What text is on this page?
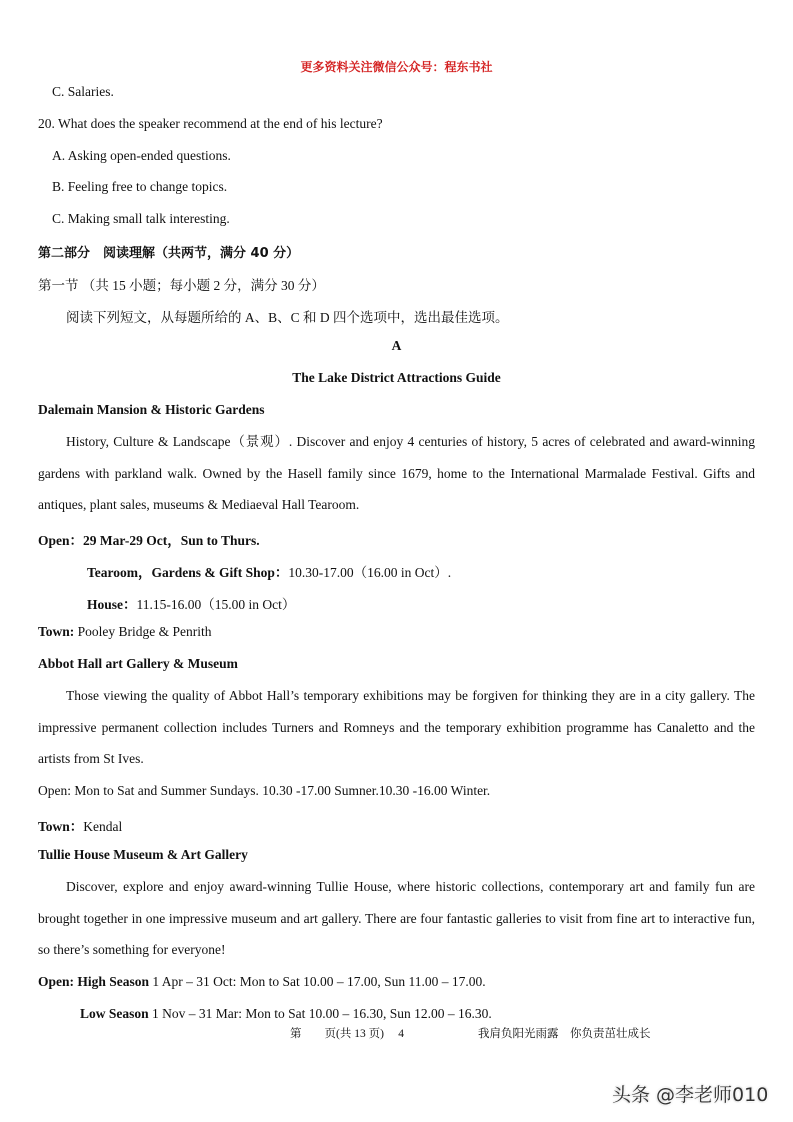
更多资料关注微信公众号：程东书社
C. Salaries.
20. What does the speaker recommend at the end of his lecture?
A. Asking open-ended questions.
B. Feeling free to change topics.
C. Making small talk interesting.
第二部分　阅读理解（共两节，满分 40 分）
第一节 （共 15 小题；每小题 2 分，满分 30 分）
阅读下列短文，从每题所给的 A、B、C 和 D 四个选项中，选出最佳选项。
A
The Lake District Attractions Guide
Dalemain Mansion & Historic Gardens

History, Culture & Landscape（景观）. Discover and enjoy 4 centuries of history, 5 acres of celebrated and award-winning gardens with parkland walk. Owned by the Hasell family since 1679, home to the International Marmalade Festival. Gifts and antiques, plant sales, museums & Mediaeval Hall Tearoom.

Open：29 Mar-29 Oct，Sun to Thurs.
Tearoom，Gardens & Gift Shop：10.30-17.00（16.00 in Oct）.
House：11.15-16.00（15.00 in Oct）
Town: Pooley Bridge & Penrith
Abbot Hall art Gallery & Museum

Those viewing the quality of Abbot Hall’s temporary exhibitions may be forgiven for thinking they are in a city gallery. The impressive permanent collection includes Turners and Romneys and the temporary exhibition programme has Canaletto and the artists from St Ives.

Open: Mon to Sat and Summer Sundays. 10.30 -17.00 Sumner.10.30 -16.00 Winter.
Town：Kendal
Tullie House Museum & Art Gallery

Discover, explore and enjoy award-winning Tullie House, where historic collections, contemporary art and family fun are brought together in one impressive museum and art gallery. There are four fantastic galleries to visit from fine art to interactive fun, so there’s something for everyone!

Open: High Season 1 Apr – 31 Oct: Mon to Sat 10.00 – 17.00, Sun 11.00 – 17.00.
Low Season 1 Nov – 31 Mar: Mon to Sat 10.00 – 16.30, Sun 12.00 – 16.30.
第　　页(共 13 页)　 4	我肩负阳光雨露　你负责茁壮成长
头条 @李老师010
